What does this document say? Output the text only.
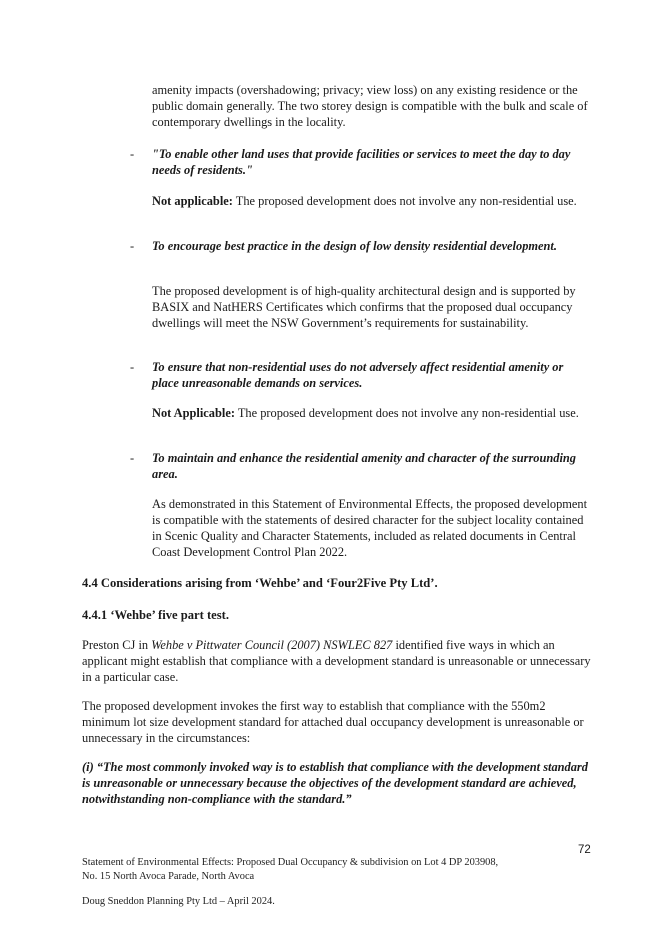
amenity impacts (overshadowing; privacy; view loss) on any existing residence or the public domain generally. The two storey design is compatible with the bulk and scale of contemporary dwellings in the locality.

- "To enable other land uses that provide facilities or services to meet the day to day needs of residents."

Not applicable: The proposed development does not involve any non-residential use.

- To encourage best practice in the design of low density residential development.

The proposed development is of high-quality architectural design and is supported by BASIX and NatHERS Certificates which confirms that the proposed dual occupancy dwellings will meet the NSW Government’s requirements for sustainability.

- To ensure that non-residential uses do not adversely affect residential amenity or place unreasonable demands on services.

Not Applicable: The proposed development does not involve any non-residential use.

- To maintain and enhance the residential amenity and character of the surrounding area.

As demonstrated in this Statement of Environmental Effects, the proposed development is compatible with the statements of desired character for the subject locality contained in Scenic Quality and Character Statements, included as related documents in Central Coast Development Control Plan 2022.

4.4 Considerations arising from ‘Wehbe’ and ‘Four2Five Pty Ltd’.

4.4.1 ‘Wehbe’ five part test.

Preston CJ in Wehbe v Pittwater Council (2007) NSWLEC 827 identified five ways in which an applicant might establish that compliance with a development standard is unreasonable or unnecessary in a particular case.

The proposed development invokes the first way to establish that compliance with the 550m2 minimum lot size development standard for attached dual occupancy development is unreasonable or unnecessary in the circumstances:

(i) “The most commonly invoked way is to establish that compliance with the development standard is unreasonable or unnecessary because the objectives of the development standard are achieved, notwithstanding non-compliance with the standard.”

72
Statement of Environmental Effects: Proposed Dual Occupancy & subdivision on Lot 4 DP 203908, No. 15 North Avoca Parade, North Avoca
Doug Sneddon Planning Pty Ltd – April 2024.
